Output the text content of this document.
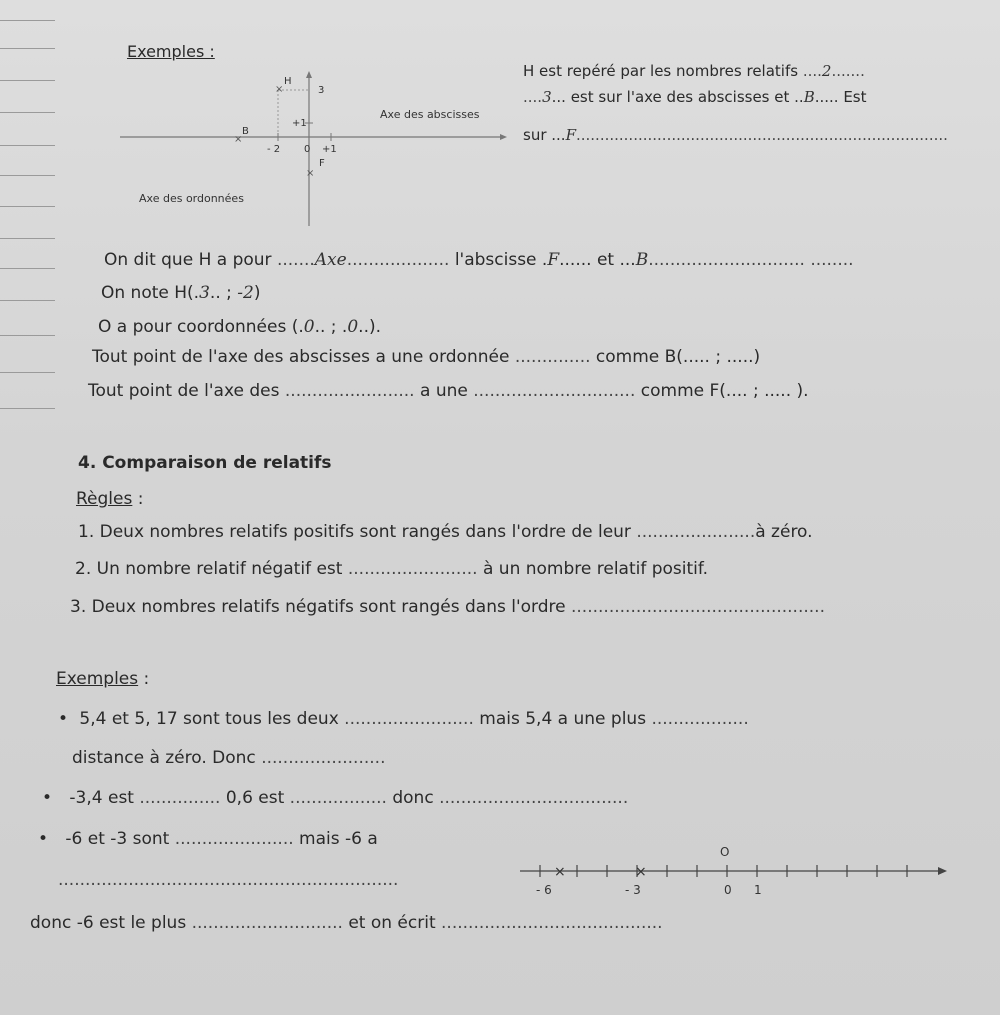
Exemples :
×
H
3
+1
B
×
- 2 0 +1
F
×
Axe des abscisses
Axe des ordonnées
H est repéré par les nombres relatifs ....2.......
....3... est sur l'axe des abscisses et ..B..... Est
sur ...F..............................................................................
On dit que H a pour .......Axe................... l'abscisse .F...... et ...B............................. ........
On note H(.3.. ; -2)
O a pour coordonnées (.0.. ; .0..).
Tout point de l'axe des abscisses a une ordonnée .............. comme B(..... ; .....)
Tout point de l'axe des ........................ a une .............................. comme F(.... ; ..... ).
4. Comparaison de relatifs
Règles :
1. Deux nombres relatifs positifs sont rangés dans l'ordre de leur ......................à zéro.
2. Un nombre relatif négatif est ........................ à un nombre relatif positif.
3. Deux nombres relatifs négatifs sont rangés dans l'ordre ...............................................
Exemples :
• 5,4 et 5, 17 sont tous les deux ........................ mais 5,4 a une plus ..................
distance à zéro. Donc .......................
• -3,4 est ............... 0,6 est .................. donc ...................................
• -6 et -3 sont ...................... mais -6 a
...............................................................	×	×
O
- 6	- 3	0 1
donc -6 est le plus ............................ et on écrit .........................................
